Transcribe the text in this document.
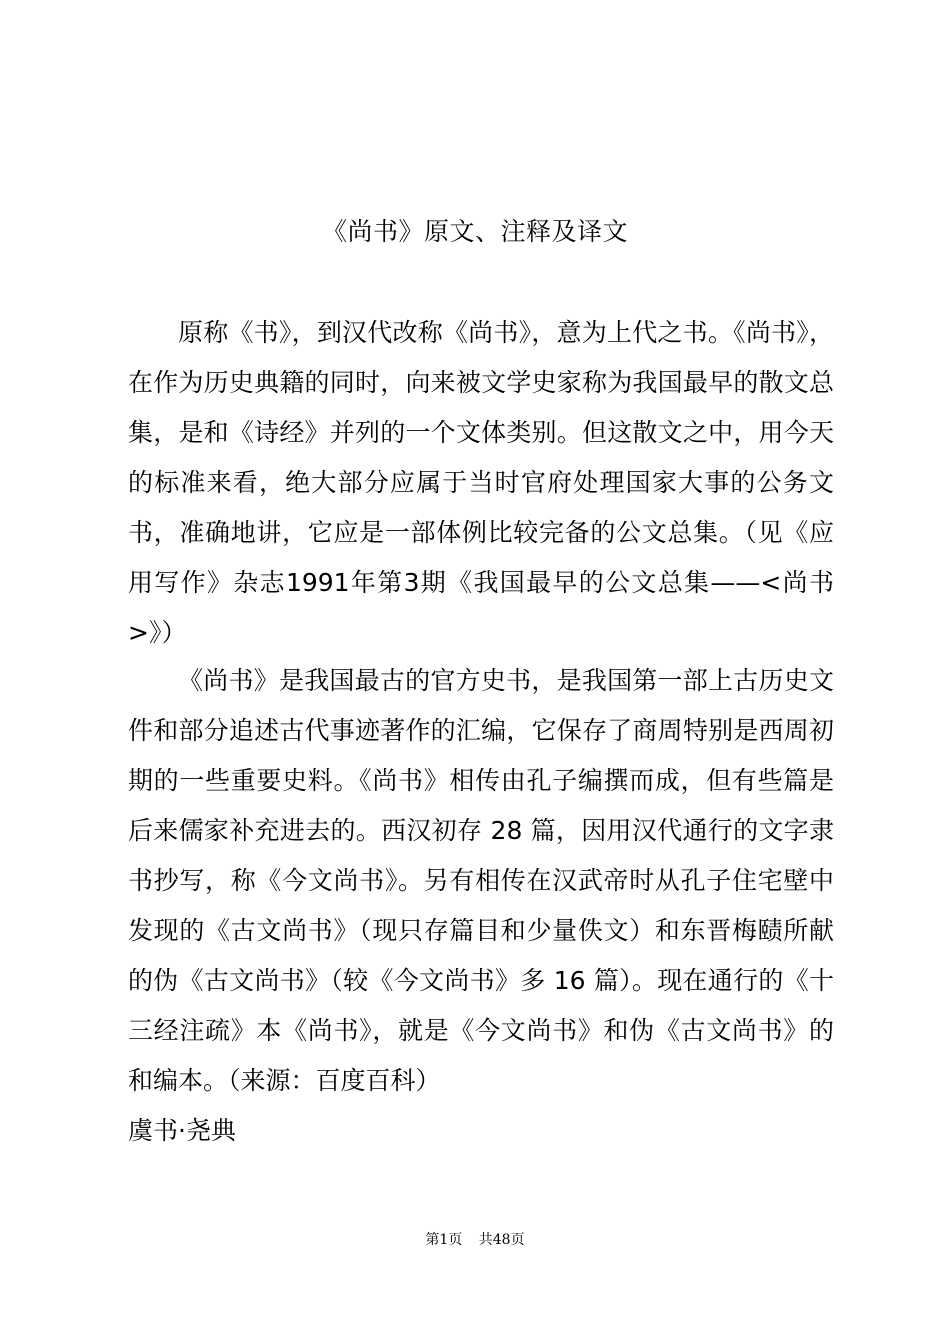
《尚书》原文、注释及译文

原称《书》，到汉代改称《尚书》，意为上代之书。《尚书》，在作为历史典籍的同时，向来被文学史家称为我国最早的散文总集，是和《诗经》并列的一个文体类别。但这散文之中，用今天的标准来看，绝大部分应属于当时官府处理国家大事的公务文书，准确地讲，它应是一部体例比较完备的公文总集。（见《应用写作》杂志1991年第3期《我国最早的公文总集——<尚书>》）

《尚书》是我国最古的官方史书，是我国第一部上古历史文件和部分追述古代事迹著作的汇编，它保存了商周特别是西周初期的一些重要史料。《尚书》相传由孔子编撰而成，但有些篇是后来儒家补充进去的。西汉初存 28 篇，因用汉代通行的文字隶书抄写，称《今文尚书》。另有相传在汉武帝时从孔子住宅壁中发现的《古文尚书》（现只存篇目和少量佚文）和东晋梅赜所献的伪《古文尚书》（较《今文尚书》多 16 篇）。现在通行的《十三经注疏》本《尚书》，就是《今文尚书》和伪《古文尚书》的和编本。（来源：百度百科）

虞书·尧典

第1页 共48页
